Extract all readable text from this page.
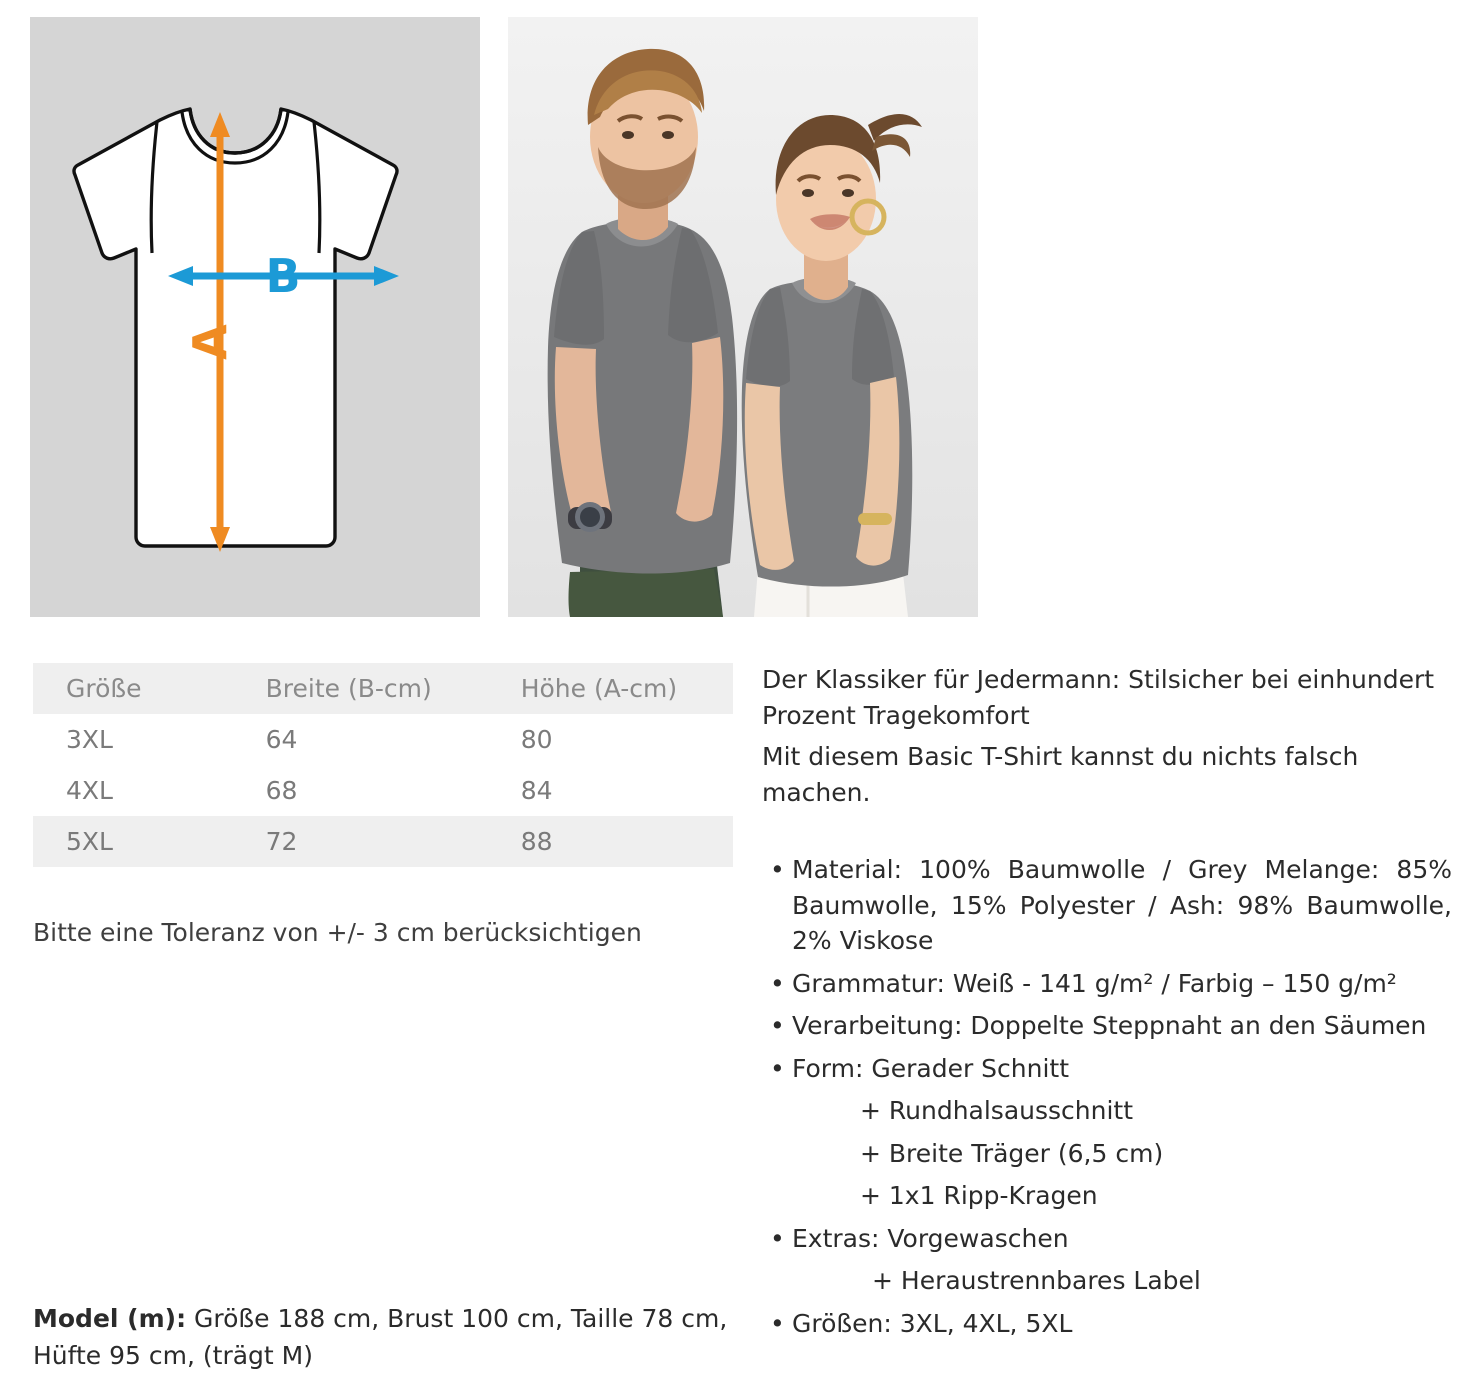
A
B
Größe	Breite (B-cm)	Höhe (A-cm)
3XL	64	80
4XL	68	84
5XL	72	88
Bitte eine Toleranz von +/- 3 cm berücksichtigen
Model (m): Größe 188 cm, Brust 100 cm, Taille 78 cm, Hüfte 95 cm, (trägt M)

Der Klassiker für Jedermann: Stilsicher bei einhundert Prozent Tragekomfort

Mit diesem Basic T-Shirt kannst du nichts falsch machen.

• Material: 100% Baumwolle / Grey Melange: 85% Baumwolle, 15% Polyester / Ash: 98% Baumwolle, 2% Viskose
• Grammatur: Weiß - 141 g/m² / Farbig – 150 g/m²
• Verarbeitung: Doppelte Steppnaht an den Säumen
• Form: Gerader Schnitt
+ Rundhalsausschnitt
+ Breite Träger (6,5 cm)
+ 1x1 Ripp-Kragen
• Extras: Vorgewaschen
+ Heraustrennbares Label
• Größen: 3XL, 4XL, 5XL
